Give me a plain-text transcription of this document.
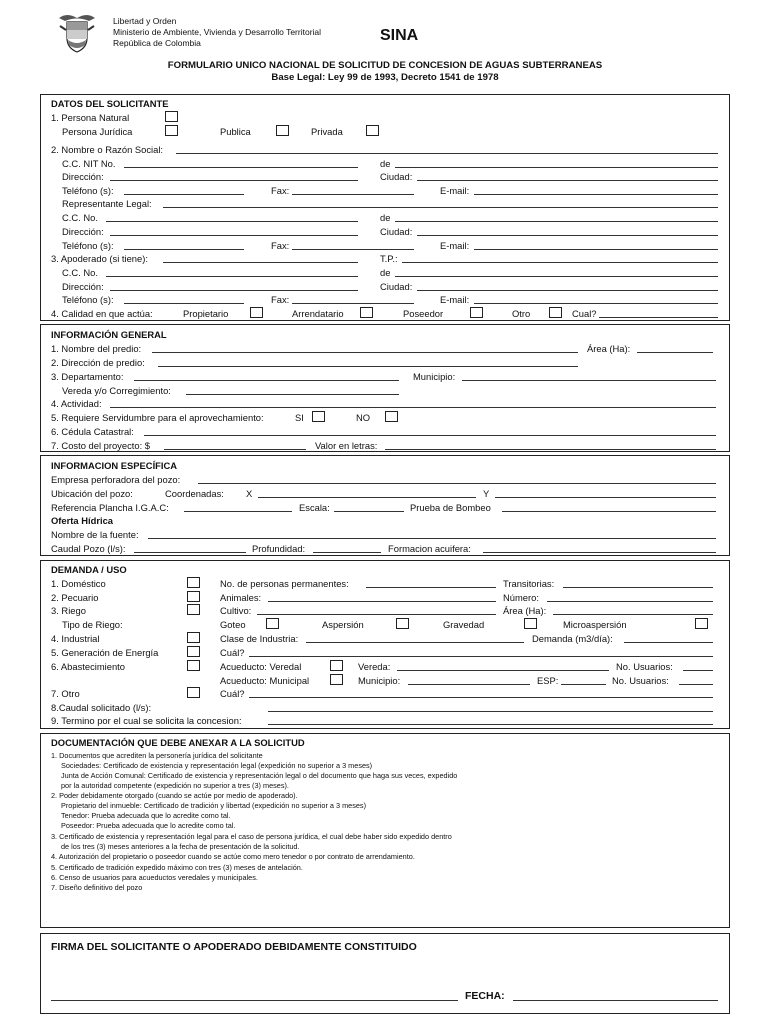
Libertad y Orden
Ministerio de Ambiente, Vivienda y Desarrollo Territorial
República de Colombia	SINA
FORMULARIO UNICO NACIONAL DE SOLICITUD DE CONCESION DE AGUAS SUBTERRANEAS
Base Legal: Ley 99 de 1993, Decreto 1541 de 1978
DATOS DEL SOLICITANTE
1. Persona Natural
Persona Jurídica	Publica	Privada
2. Nombre o Razón Social:
C.C. NIT No.	de
Dirección:	Ciudad:
Teléfono (s):	Fax:	E-mail:
Representante Legal:
C.C. No.	de
Dirección:	Ciudad:
Teléfono (s):	Fax:	E-mail:
3. Apoderado (si tiene):	T.P.:
C.C. No.	de
Dirección:	Ciudad:
Teléfono (s):	Fax:	E-mail:
4. Calidad en que actúa:	Propietario	Arrendatario	Poseedor	Otro	Cual?
INFORMACIÓN GENERAL
1. Nombre del predio:	Área (Ha):
2. Dirección de predio:
3. Departamento:	Municipio:
Vereda y/o Corregimiento:
4. Actividad:
5. Requiere Servidumbre para el aprovechamiento:	SI	NO
6. Cédula Catastral:
7. Costo del proyecto: $	Valor en letras:
INFORMACION ESPECÍFICA
Empresa perforadora del pozo:
Ubicación del pozo:	Coordenadas: X	Y
Referencia Plancha I.G.A.C:	Escala:	Prueba de Bombeo
Oferta Hídrica
Nombre de la fuente:
Caudal Pozo (l/s):	Profundidad:	Formacion acuifera:
DEMANDA / USO
1. Doméstico	No. de personas permanentes:	Transitorias:
2. Pecuario	Animales:	Número:
3. Riego	Cultivo:	Área (Ha):
Tipo de Riego:	Goteo	Aspersión	Gravedad	Microaspersión
4. Industrial	Clase de Industria:	Demanda (m3/día):
5. Generación de Energía	Cuál?
6. Abastecimiento	Acueducto: Veredal	Vereda:	No. Usuarios:
Acueducto: Municipal	Municipio:	ESP:	No. Usuarios:
7. Otro	Cuál?
8.Caudal solicitado (l/s):
9. Termino por el cual se solicita la concesion:
DOCUMENTACIÓN QUE DEBE ANEXAR A LA SOLICITUD
1. Documentos que acrediten la personería jurídica del solicitante
Sociedades: Certificado de existencia y representación legal (expedición no superior a 3 meses)
Junta de Acción Comunal: Certificado de existencia y representación legal o del documento que haga sus veces, expedido
por la autoridad competente (expedición no superior a tres (3) meses).
2. Poder debidamente otorgado (cuando se actúe por medio de apoderado).
Propietario del inmueble: Certificado de tradición y libertad (expedición no superior a 3 meses)
Tenedor: Prueba adecuada que lo acredite como tal.
Poseedor: Prueba adecuada que lo acredite como tal.
3. Certificado de existencia y representación legal para el caso de persona jurídica, el cual debe haber sido expedido dentro
de los tres (3) meses anteriores a la fecha de presentación de la solicitud.
4. Autorización del propietario o poseedor cuando se actúe como mero tenedor o por contrato de arrendamiento.
5. Certificado de tradición expedido máximo con tres (3) meses de antelación.
6. Censo de usuarios para acueductos veredales y municipales.
7. Diseño definitivo del pozo
FIRMA DEL SOLICITANTE O APODERADO DEBIDAMENTE CONSTITUIDO
FECHA:
